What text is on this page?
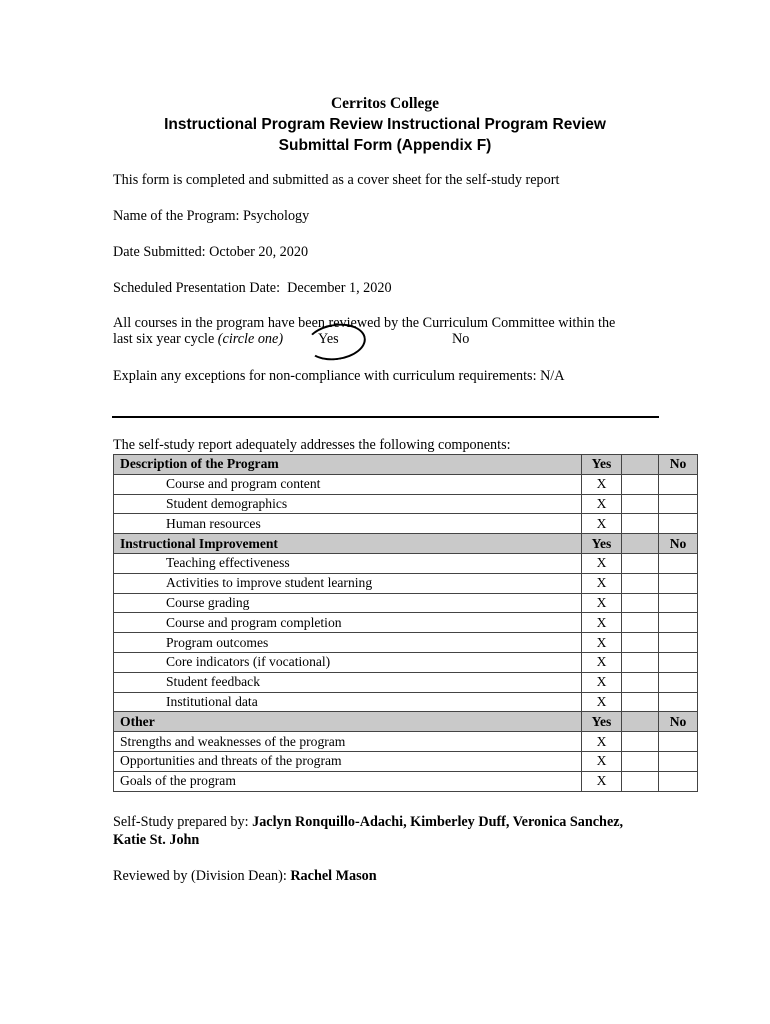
Cerritos College
Instructional Program Review Instructional Program Review
Submittal Form (Appendix F)
This form is completed and submitted as a cover sheet for the self-study report
Name of the Program: Psychology
Date Submitted: October 20, 2020
Scheduled Presentation Date: December 1, 2020
All courses in the program have been reviewed by the Curriculum Committee within the
last six year cycle (circle one) Yes	No
Explain any exceptions for non-compliance with curriculum requirements: N/A
The self-study report adequately addresses the following components:
Description of the Program	Yes		No
Course and program content	X		
Student demographics	X		
Human resources	X		
Instructional Improvement	Yes		No
Teaching effectiveness	X		
Activities to improve student learning	X		
Course grading	X		
Course and program completion	X		
Program outcomes	X		
Core indicators (if vocational)	X		
Student feedback	X		
Institutional data	X		
Other	Yes		No
Strengths and weaknesses of the program	X		
Opportunities and threats of the program	X		
Goals of the program	X		
Self-Study prepared by: Jaclyn Ronquillo-Adachi, Kimberley Duff, Veronica Sanchez,
Katie St. John
Reviewed by (Division Dean): Rachel Mason
